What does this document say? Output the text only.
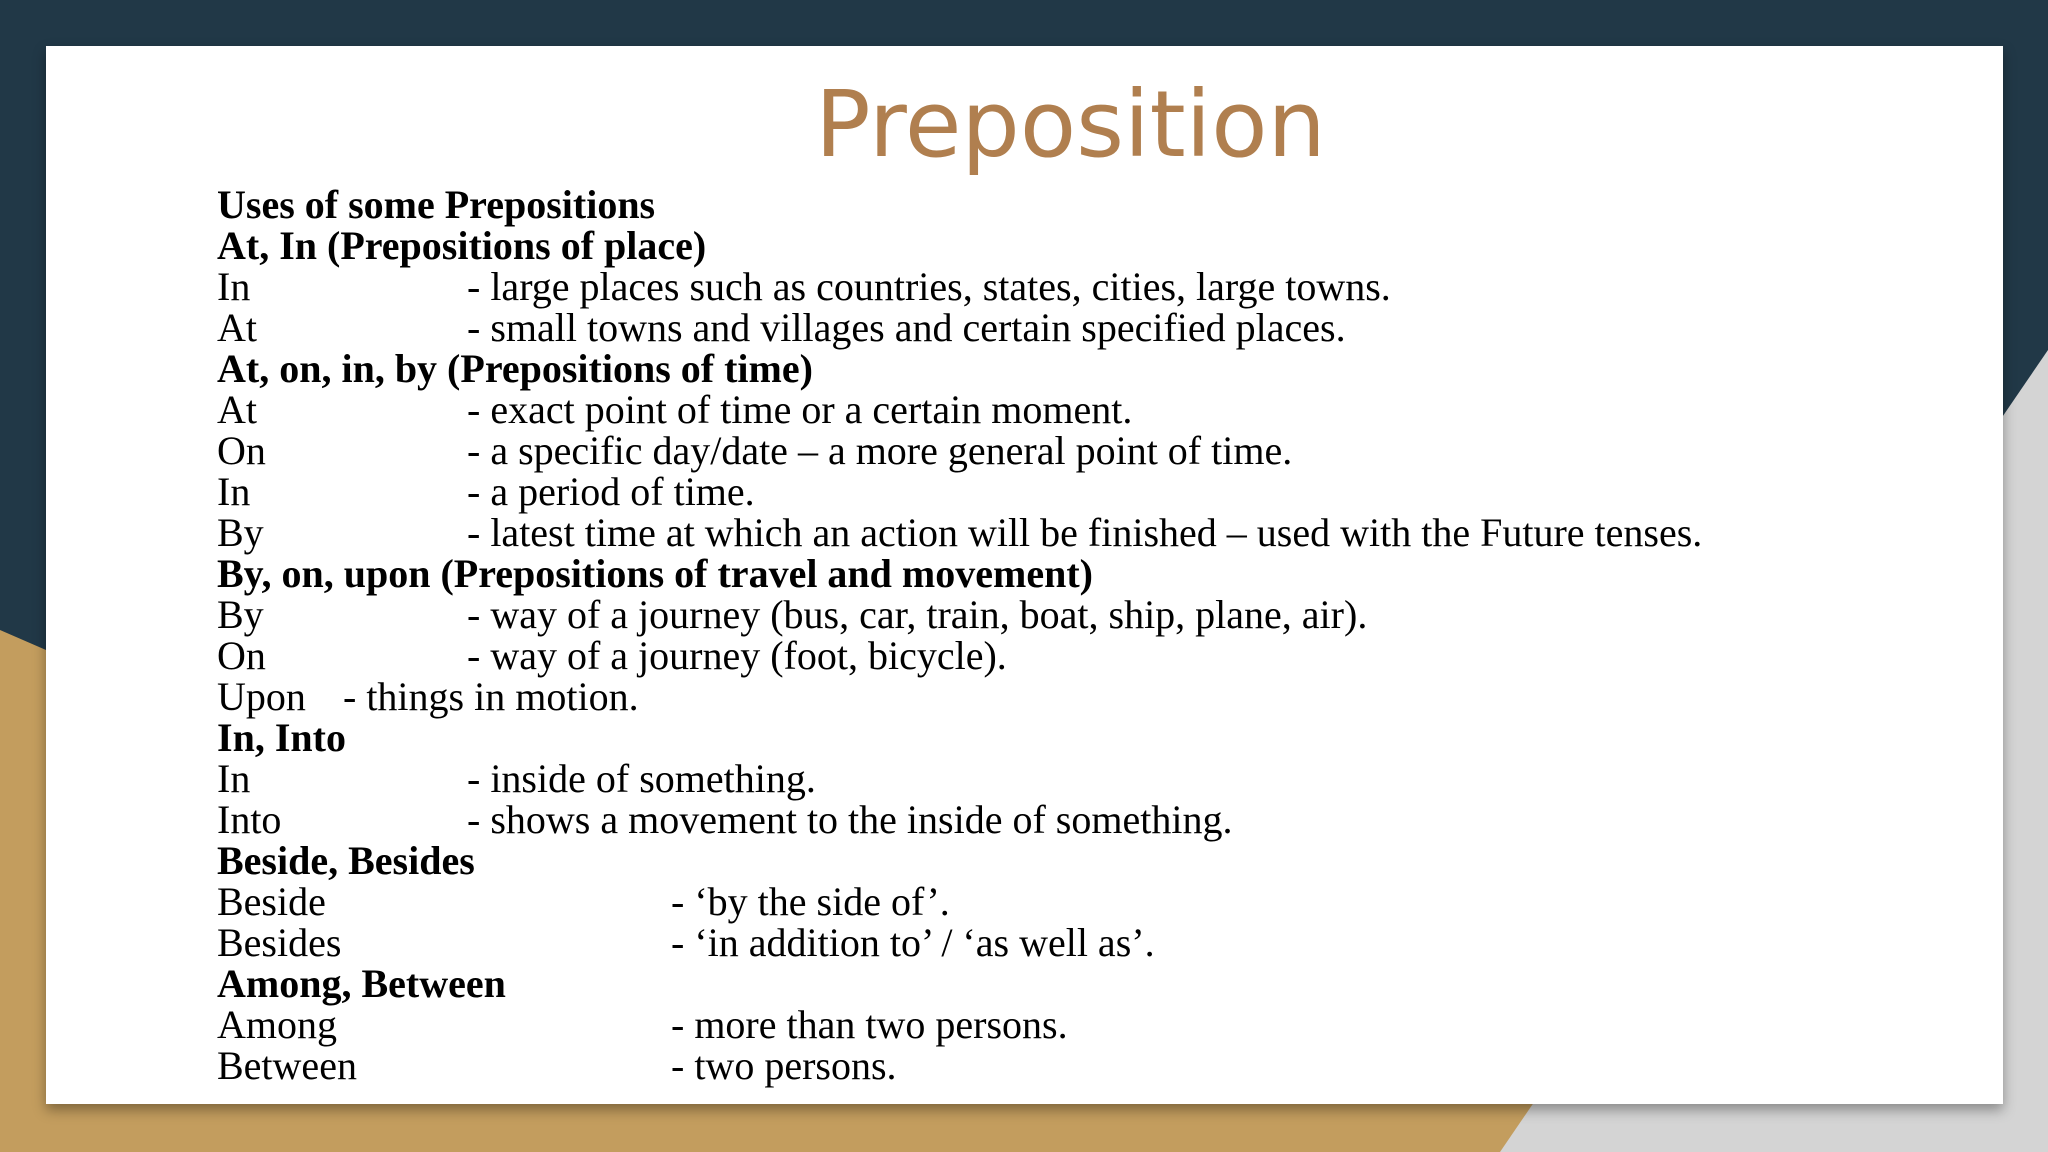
Preposition
Uses of some Prepositions
At, In (Prepositions of place)
In	- large places such as countries, states, cities, large towns.
At	- small towns and villages and certain specified places.
At, on, in, by (Prepositions of time)
At	- exact point of time or a certain moment.
On	- a specific day/date – a more general point of time.
In	- a period of time.
By	- latest time at which an action will be finished – used with the Future tenses.
By, on, upon (Prepositions of travel and movement)
By	- way of a journey (bus, car, train, boat, ship, plane, air).
On	- way of a journey (foot, bicycle).
Upon - things in motion.
In, Into
In	- inside of something.
Into	- shows a movement to the inside of something.
Beside, Besides
Beside	- ‘by the side of’.
Besides	- ‘in addition to’ / ‘as well as’.
Among, Between
Among	- more than two persons.
Between	- two persons.
